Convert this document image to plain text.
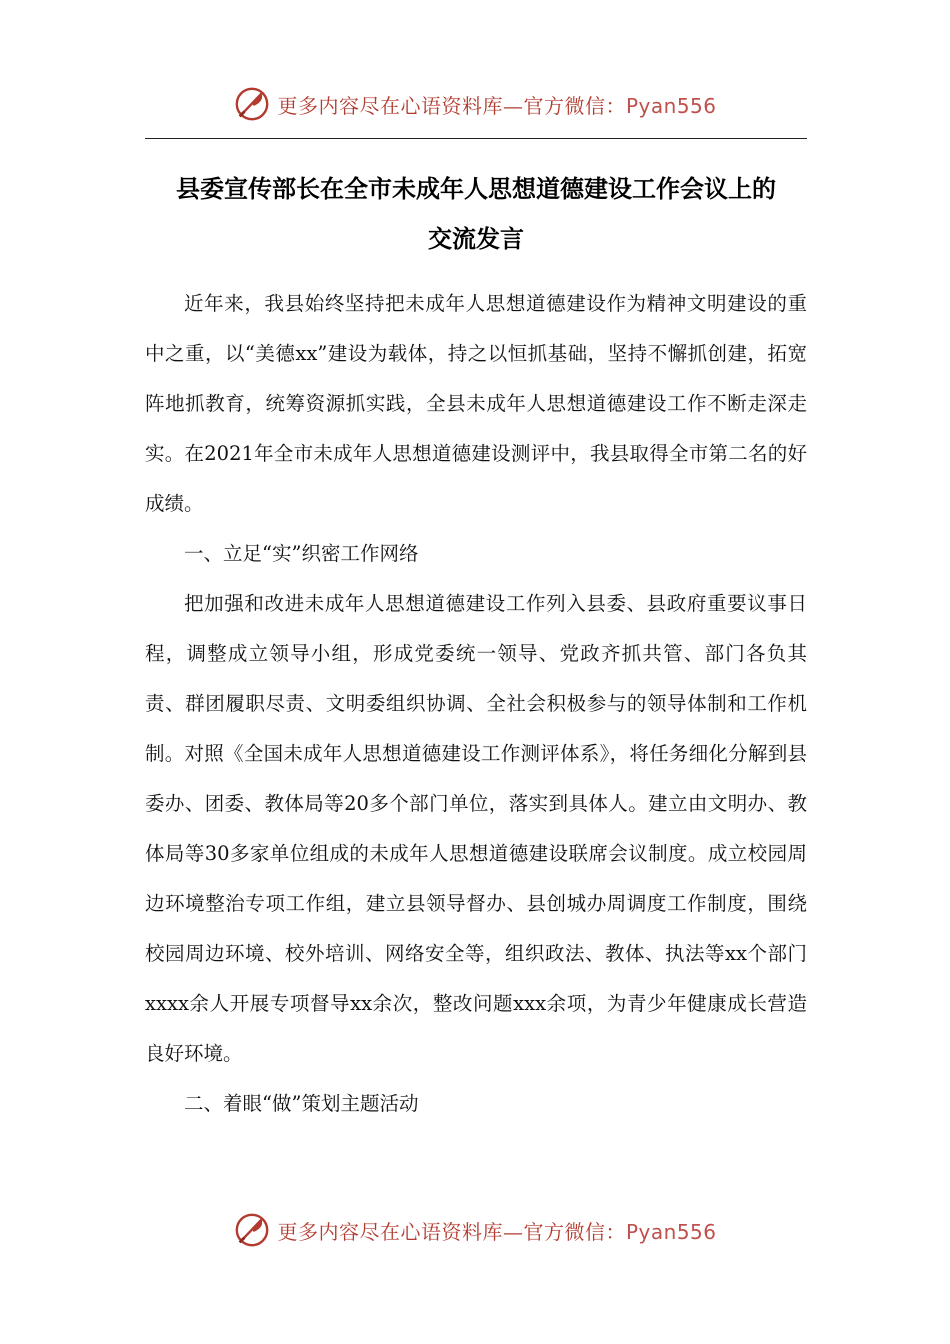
更多内容尽在心语资料库—官方微信：Pyan556
县委宣传部长在全市未成年人思想道德建设工作会议上的
交流发言

近年来，我县始终坚持把未成年人思想道德建设作为精神文明建设的重中之重，以“美德xx”建设为载体，持之以恒抓基础，坚持不懈抓创建，拓宽阵地抓教育，统筹资源抓实践，全县未成年人思想道德建设工作不断走深走实。在2021年全市未成年人思想道德建设测评中，我县取得全市第二名的好成绩。

一、立足“实”织密工作网络

把加强和改进未成年人思想道德建设工作列入县委、县政府重要议事日程，调整成立领导小组，形成党委统一领导、党政齐抓共管、部门各负其责、群团履职尽责、文明委组织协调、全社会积极参与的领导体制和工作机制。对照《全国未成年人思想道德建设工作测评体系》，将任务细化分解到县委办、团委、教体局等20多个部门单位，落实到具体人。建立由文明办、教体局等30多家单位组成的未成年人思想道德建设联席会议制度。成立校园周边环境整治专项工作组，建立县领导督办、县创城办周调度工作制度，围绕校园周边环境、校外培训、网络安全等，组织政法、教体、执法等xx个部门xxxx余人开展专项督导xx余次，整改问题xxx余项，为青少年健康成长营造良好环境。

二、着眼“做”策划主题活动

更多内容尽在心语资料库—官方微信：Pyan556
